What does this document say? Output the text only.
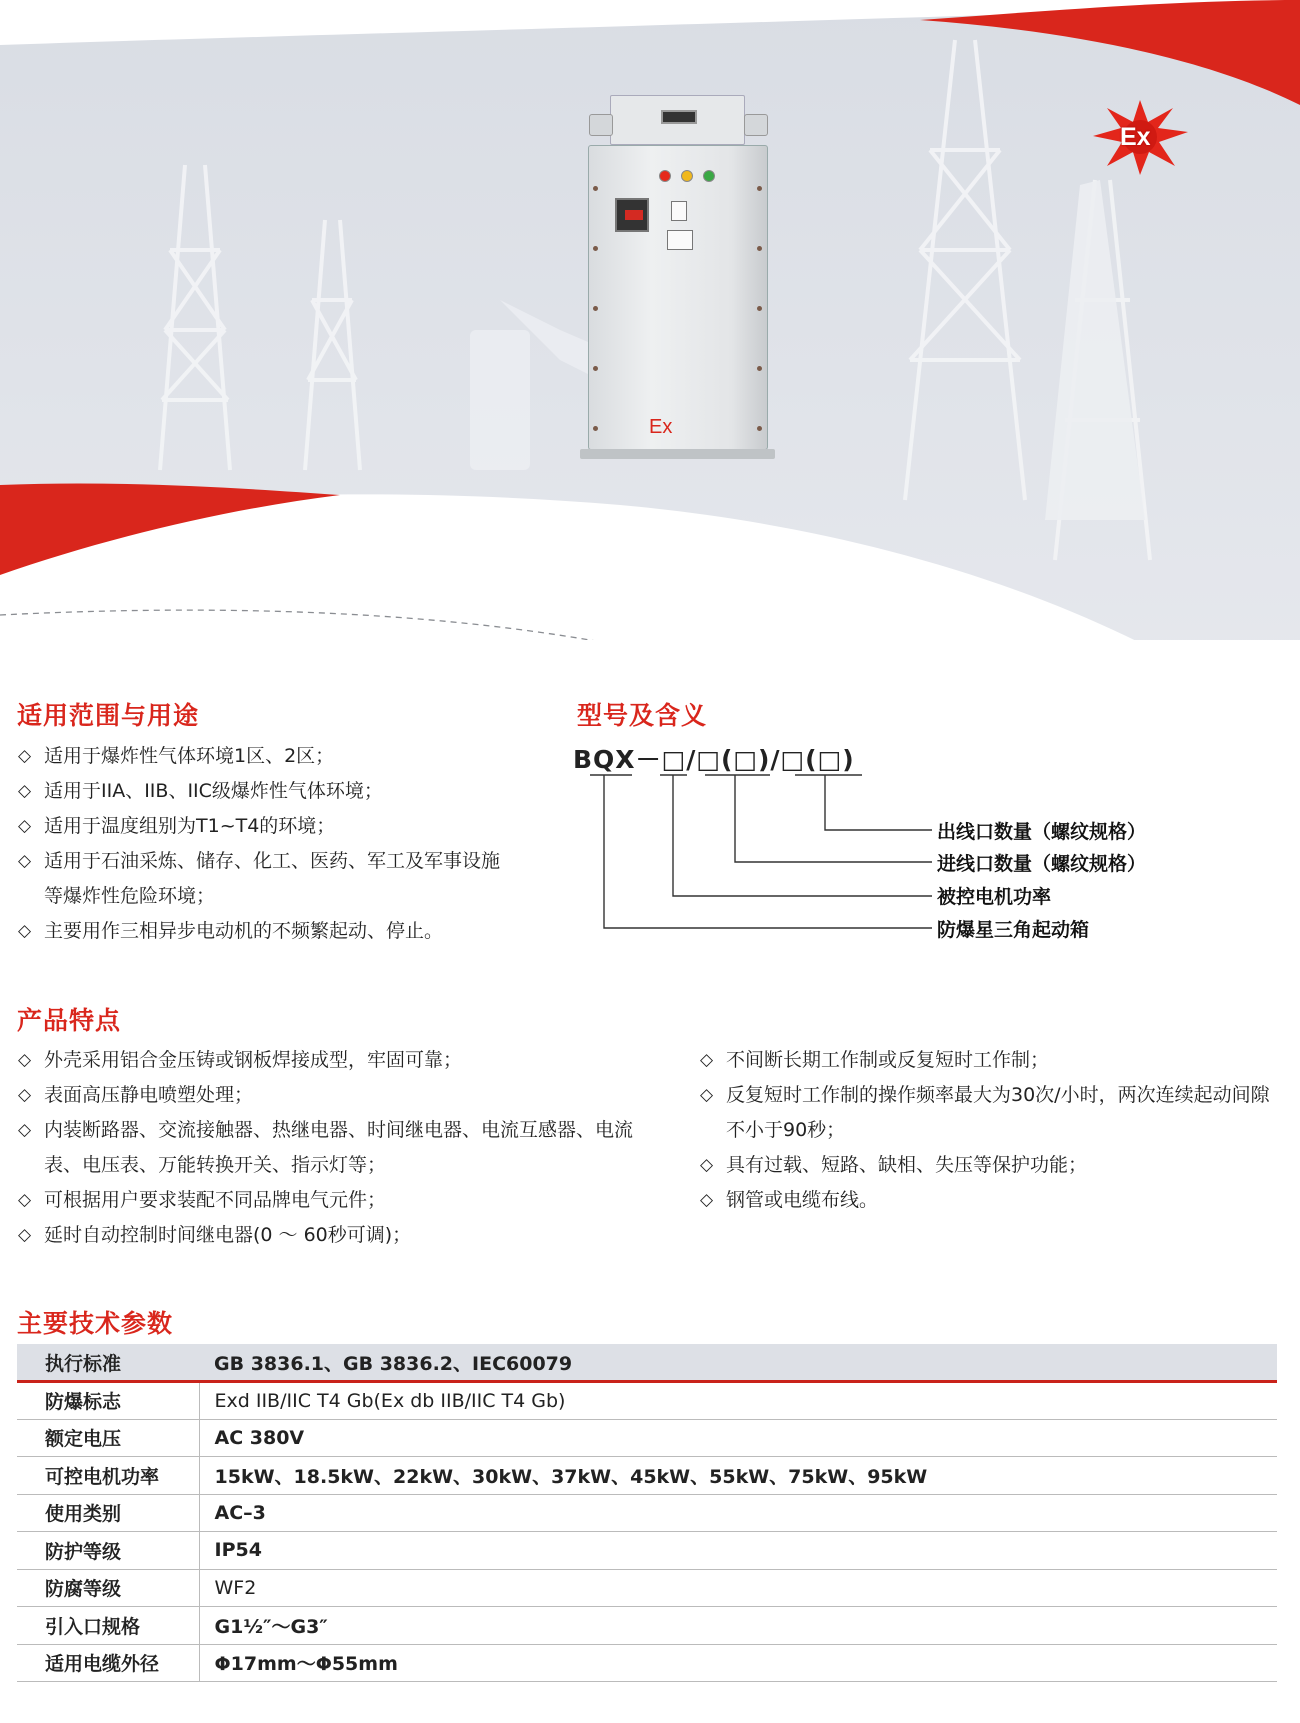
Ex
Ex
适用范围与用途
◇ 适用于爆炸性气体环境1区、2区；
◇ 适用于IIA、IIB、IIC级爆炸性气体环境；
◇ 适用于温度组别为T1~T4的环境；
◇ 适用于石油采炼、储存、化工、医药、军工及军事设施等爆炸性危险环境；
◇ 主要用作三相异步电动机的不频繁起动、停止。
型号及含义
BQX－□/□(□)/□(□)
出线口数量（螺纹规格）
进线口数量（螺纹规格）
被控电机功率
防爆星三角起动箱
产品特点
◇ 外壳采用铝合金压铸或钢板焊接成型，牢固可靠；
◇ 表面高压静电喷塑处理；
◇ 内装断路器、交流接触器、热继电器、时间继电器、电流互感器、电流表、电压表、万能转换开关、指示灯等；
◇ 可根据用户要求装配不同品牌电气元件；
◇ 延时自动控制时间继电器(0 ～ 60秒可调)；
◇ 不间断长期工作制或反复短时工作制；
◇ 反复短时工作制的操作频率最大为30次/小时，两次连续起动间隙不小于90秒；
◇ 具有过载、短路、缺相、失压等保护功能；
◇ 钢管或电缆布线。
主要技术参数
执行标准	GB 3836.1、GB 3836.2、IEC60079
防爆标志	Exd IIB/IIC T4 Gb(Ex db IIB/IIC T4 Gb)
额定电压	AC 380V
可控电机功率	15kW、18.5kW、22kW、30kW、37kW、45kW、55kW、75kW、95kW
使用类别	AC–3
防护等级	IP54
防腐等级	WF2
引入口规格	G1½″～G3″
适用电缆外径	Φ17mm～Φ55mm
